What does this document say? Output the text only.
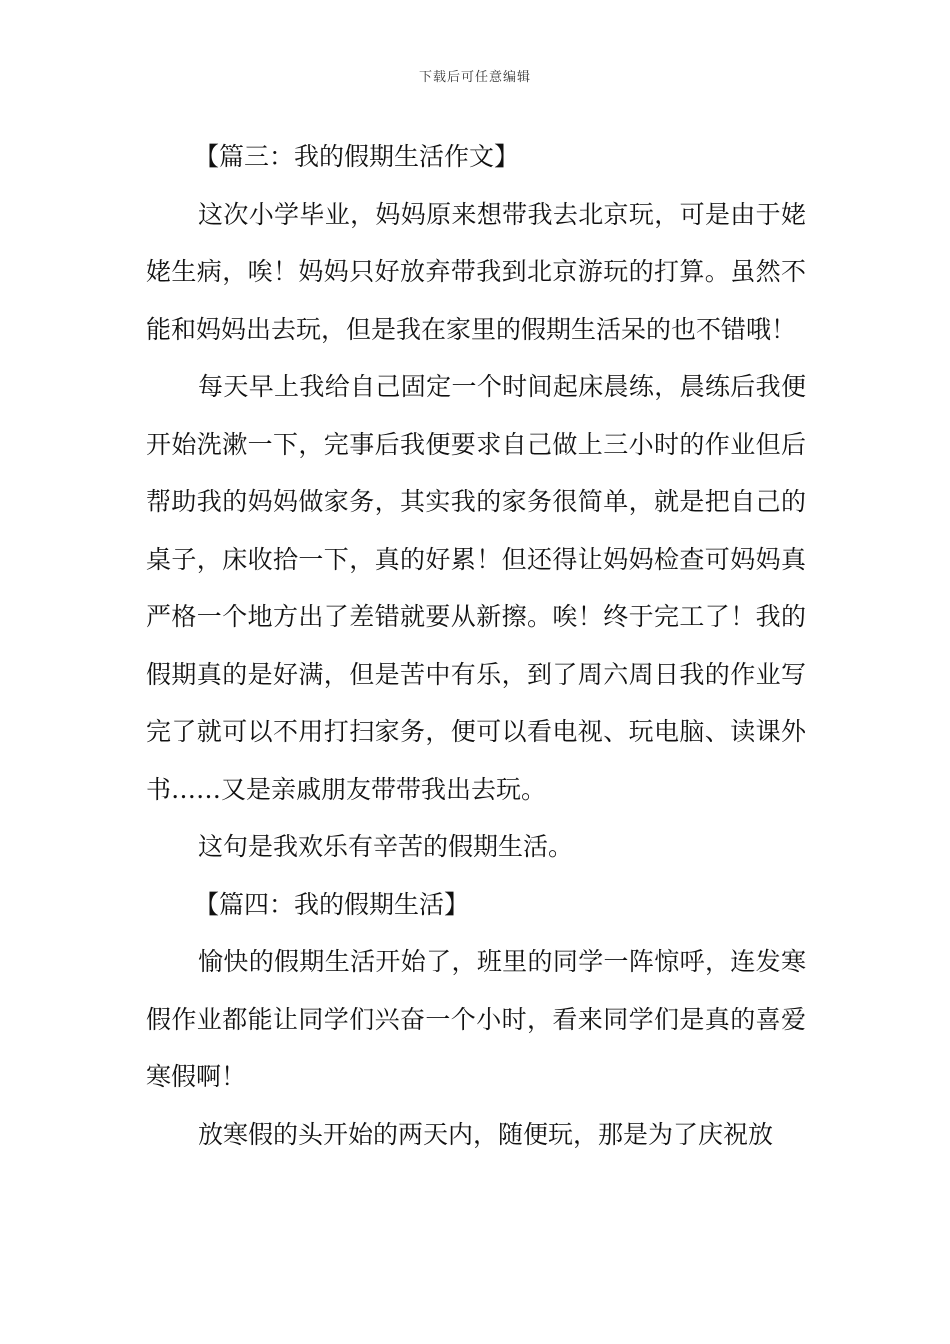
下载后可任意编辑

【篇三：我的假期生活作文】

这次小学毕业，妈妈原来想带我去北京玩，可是由于姥姥生病，唉！妈妈只好放弃带我到北京游玩的打算。虽然不能和妈妈出去玩，但是我在家里的假期生活呆的也不错哦！

每天早上我给自己固定一个时间起床晨练，晨练后我便开始洗漱一下，完事后我便要求自己做上三小时的作业但后帮助我的妈妈做家务，其实我的家务很简单，就是把自己的桌子，床收拾一下，真的好累！但还得让妈妈检查可妈妈真严格一个地方出了差错就要从新擦。唉！终于完工了！我的假期真的是好满，但是苦中有乐，到了周六周日我的作业写完了就可以不用打扫家务，便可以看电视、玩电脑、读课外书……又是亲戚朋友带带我出去玩。

这句是我欢乐有辛苦的假期生活。

【篇四：我的假期生活】

愉快的假期生活开始了，班里的同学一阵惊呼，连发寒假作业都能让同学们兴奋一个小时，看来同学们是真的喜爱寒假啊！

放寒假的头开始的两天内，随便玩，那是为了庆祝放
